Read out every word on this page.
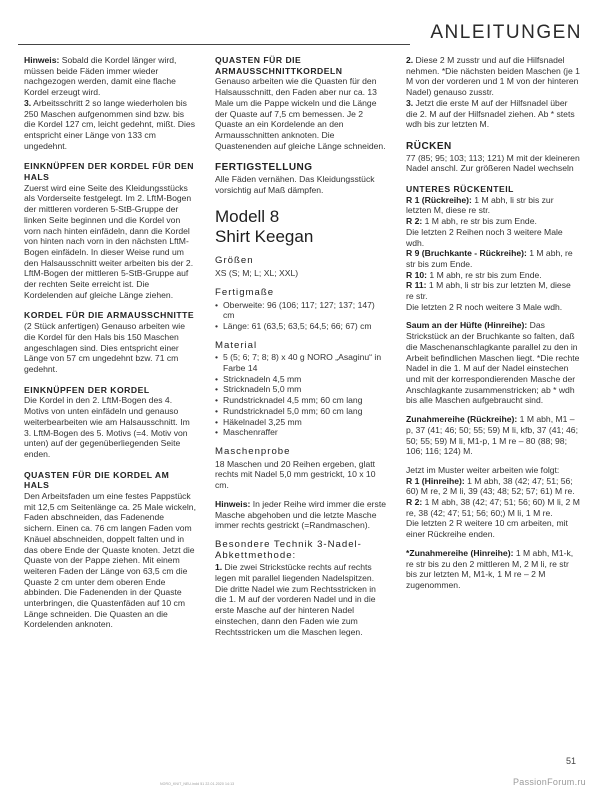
ANLEITUNGEN

Hinweis: Sobald die Kordel länger wird, müssen beide Fäden immer wieder nachgezogen werden, damit eine flache Kordel erzeugt wird.

3. Arbeitsschritt 2 so lange wiederholen bis 250 Maschen aufgenommen sind bzw. bis die Kordel 127 cm, leicht gedehnt, mißt. Dies entspricht einer Länge von 133 cm ungedehnt.

EINKNÜPFEN DER KORDEL FÜR DEN HALS

Zuerst wird eine Seite des Kleidungsstücks als Vorderseite festgelegt. Im 2. LftM-Bogen der mittleren vorderen 5-StB-Gruppe der linken Seite beginnen und die Kordel von vorn nach hinten einfädeln, dann die Kordel von hinten nach vorn in den nächsten LftM-Bogen einfädeln. In dieser Weise rund um den Halsausschnitt weiter arbeiten bis der 2. LftM-Bogen der mittleren 5-StB-Gruppe auf der rechten Seite erreicht ist. Die Kordelenden auf gleiche Länge ziehen.

KORDEL FÜR DIE ARMAUSSCHNITTE

(2 Stück anfertigen) Genauso arbeiten wie die Kordel für den Hals bis 150 Maschen angeschlagen sind. Dies entspricht einer Länge von 57 cm ungedehnt bzw. 71 cm gedehnt.

EINKNÜPFEN DER KORDEL

Die Kordel in den 2. LftM-Bogen des 4. Motivs von unten einfädeln und genauso weiterbearbeiten wie am Halsausschnitt. Im 3. LftM-Bogen des 5. Motivs (=4. Motiv von unten) auf der gegenüberliegenden Seite enden.

QUASTEN FÜR DIE KORDEL AM HALS

Den Arbeitsfaden um eine festes Pappstück mit 12,5 cm Seitenlänge ca. 25 Male wickeln, Faden abschneiden, das Fadenende sichern. Einen ca. 76 cm langen Faden vom Knäuel abschneiden, doppelt falten und in das obere Ende der Quaste knoten. Jetzt die Quaste von der Pappe ziehen. Mit einem weiteren Faden der Länge von 63,5 cm die Quaste 2 cm unter dem oberen Ende abbinden. Die Fadenenden in der Quaste unterbringen, die Quastenfäden auf 10 cm Länge schneiden. Die Quasten an die Kordelenden anknoten.

QUASTEN FÜR DIE ARMAUSSCHNITTKORDELN

Genauso arbeiten wie die Quasten für den Halsausschnitt, den Faden aber nur ca. 13 Male um die Pappe wickeln und die Länge der Quaste auf 7,5 cm bemessen. Je 2 Quaste an ein Kordelende an den Armausschnitten anknoten. Die Quastenenden auf gleiche Länge schneiden.

FERTIGSTELLUNG

Alle Fäden vernähen. Das Kleidungsstück vorsichtig auf Maß dämpfen.

Modell 8
Shirt Keegan

Größen

XS (S; M; L; XL; XXL)

Fertigmaße

• Oberweite: 96 (106; 117; 127; 137; 147) cm
• Länge: 61 (63,5; 63,5; 64,5; 66; 67) cm

Material

• 5 (5; 6; 7; 8; 8) x 40 g NORO „Asaginu“ in Farbe 14
• Stricknadeln 4,5 mm
• Stricknadeln 5,0 mm
• Rundstricknadel 4,5 mm; 60 cm lang
• Rundstricknadel 5,0 mm; 60 cm lang
• Häkelnadel 3,25 mm
• Maschenraffer

Maschenprobe

18 Maschen und 20 Reihen ergeben, glatt rechts mit Nadel 5,0 mm gestrickt, 10 x 10 cm.

Hinweis: In jeder Reihe wird immer die erste Masche abgehoben und die letzte Masche immer rechts gestrickt (=Randmaschen).

Besondere Technik 3-Nadel-Abkettmethode:

1. Die zwei Strickstücke rechts auf rechts legen mit parallel liegenden Nadelspitzen. Die dritte Nadel wie zum Rechtsstricken in die 1. M auf der vorderen Nadel und in die erste Masche auf der hinteren Nadel einstechen, dann den Faden wie zum Rechtsstricken um die Maschen legen.

2. Diese 2 M zusstr und auf die Hilfsnadel nehmen. *Die nächsten beiden Maschen (je 1 M von der vorderen und 1 M von der hinteren Nadel) genauso zusstr.

3. Jetzt die erste M auf der Hilfsnadel über die 2. M auf der Hilfsnadel ziehen. Ab * stets wdh bis zur letzten M.

RÜCKEN

77 (85; 95; 103; 113; 121) M mit der kleineren Nadel anschl. Zur größeren Nadel wechseln

UNTERES RÜCKENTEIL

R 1 (Rückreihe): 1 M abh, li str bis zur letzten M, diese re str.

R 2: 1 M abh, re str bis zum Ende.

Die letzten 2 Reihen noch 3 weitere Male wdh.

R 9 (Bruchkante - Rückreihe): 1 M abh, re str bis zum Ende.

R 10: 1 M abh, re str bis zum Ende.

R 11: 1 M abh, li str bis zur letzten M, diese re str.

Die letzten 2 R noch weitere 3 Male wdh.

Saum an der Hüfte (Hinreihe): Das Strickstück an der Bruchkante so falten, daß die Maschenanschlagkante parallel zu den in Arbeit befindlichen Maschen liegt. *Die rechte Nadel in die 1. M auf der Nadel einstechen und mit der korrespondierenden Masche der Anschlagkante zusammenstricken; ab * wdh bis alle Maschen aufgebraucht sind.

Zunahmereihe (Rückreihe): 1 M abh, M1 – p, 37 (41; 46; 50; 55; 59) M li, kfb, 37 (41; 46; 50; 55; 59) M li, M1-p, 1 M re – 80 (88; 98; 106; 116; 124) M.

Jetzt im Muster weiter arbeiten wie folgt:

R 1 (Hinreihe): 1 M abh, 38 (42; 47; 51; 56; 60) M re, 2 M li, 39 (43; 48; 52; 57; 61) M re.

R 2: 1 M abh, 38 (42; 47; 51; 56; 60) M li, 2 M re, 38 (42; 47; 51; 56; 60;) M li, 1 M re.

Die letzten 2 R weitere 10 cm arbeiten, mit einer Rückreihe enden.

*Zunahmereihe (Hinreihe): 1 M abh, M1-k, re str bis zu den 2 mittleren M, 2 M li, re str bis zur letzten M, M1-k, 1 M re – 2 M zugenommen.

51
NORO_KNIT_NEU.indd 51 22.01.2020 14:13	PassionForum.ru
